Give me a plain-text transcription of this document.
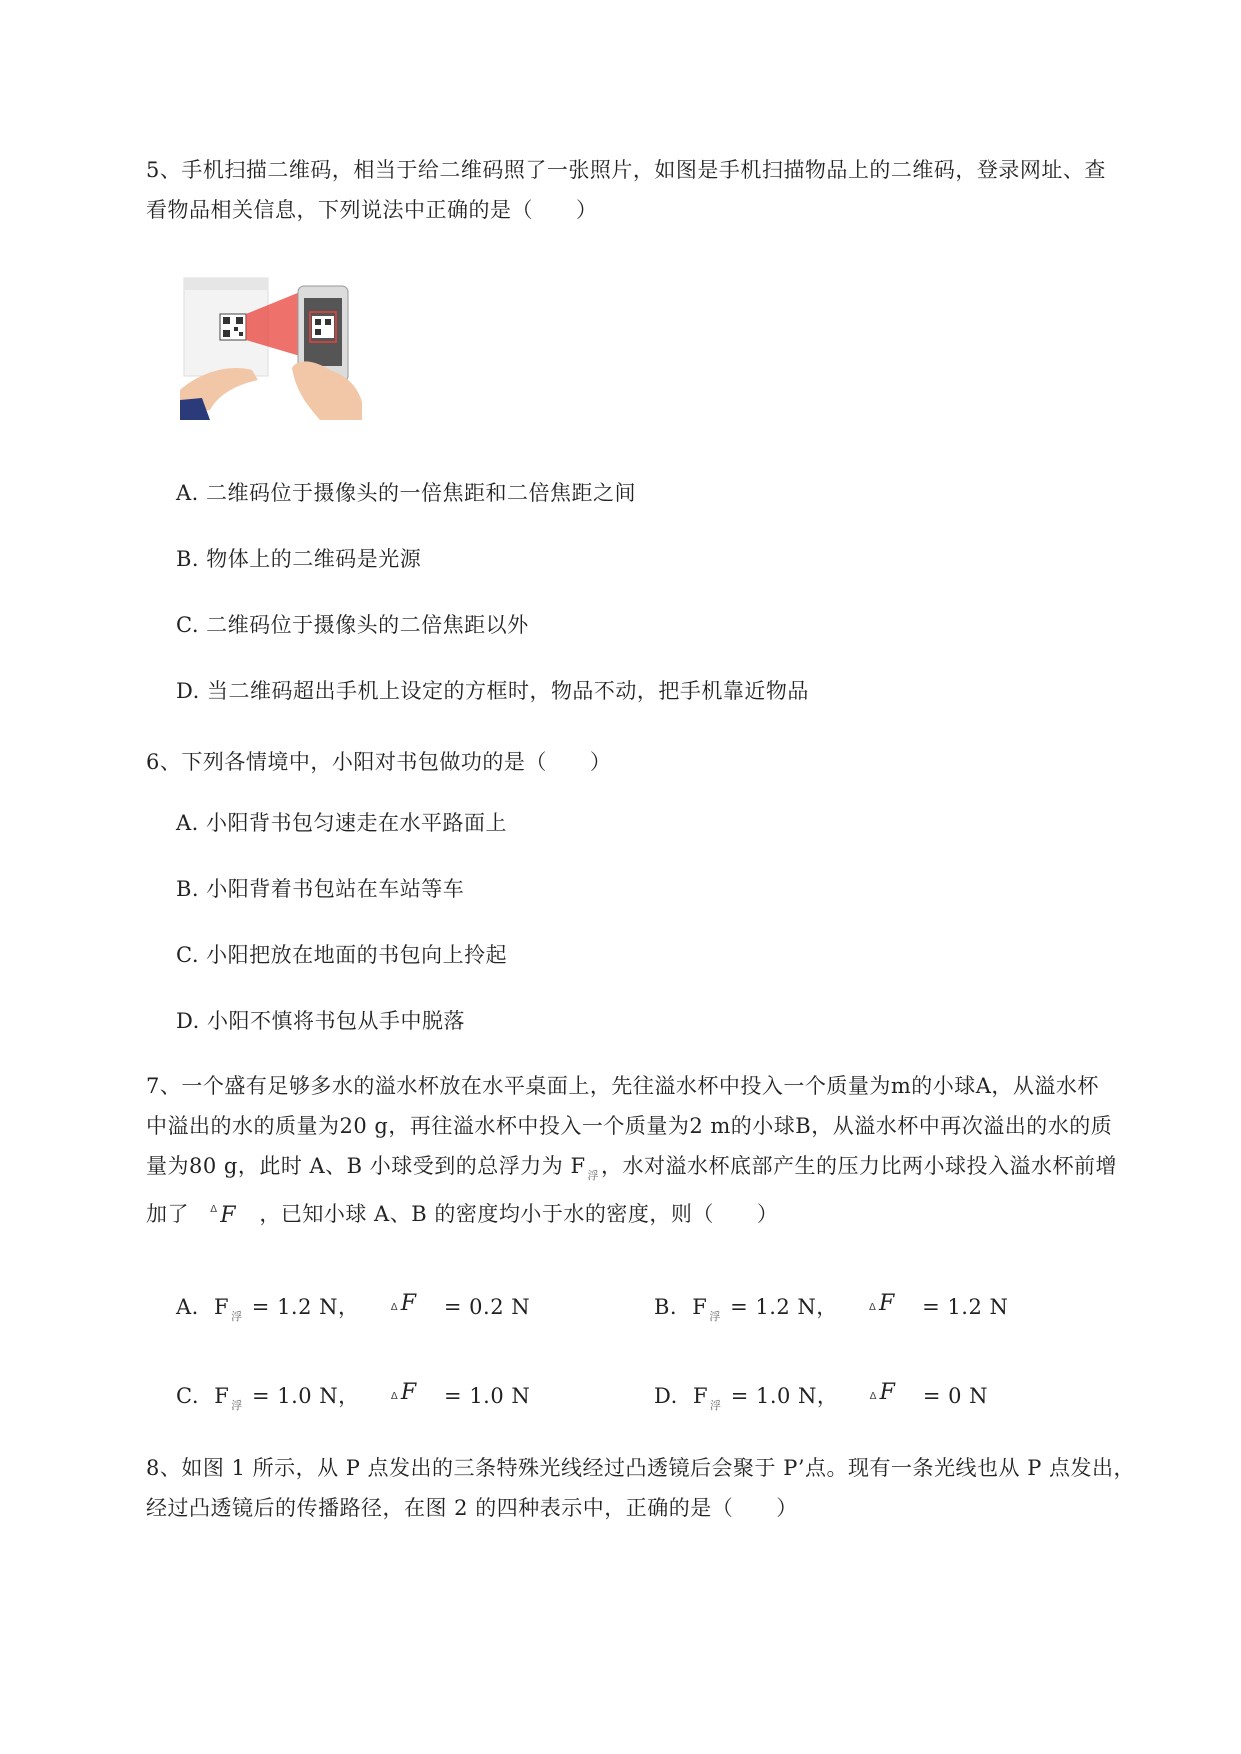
5、手机扫描二维码，相当于给二维码照了一张照片，如图是手机扫描物品上的二维码，登录网址、查
看物品相关信息，下列说法中正确的是（　　）
A. 二维码位于摄像头的一倍焦距和二倍焦距之间
B. 物体上的二维码是光源
C. 二维码位于摄像头的二倍焦距以外
D. 当二维码超出手机上设定的方框时，物品不动，把手机靠近物品
6、下列各情境中，小阳对书包做功的是（　　）
A. 小阳背书包匀速走在水平路面上
B. 小阳背着书包站在车站等车
C. 小阳把放在地面的书包向上拎起
D. 小阳不慎将书包从手中脱落
7、一个盛有足够多水的溢水杯放在水平桌面上，先往溢水杯中投入一个质量为m的小球A，从溢水杯
中溢出的水的质量为20 g，再往溢水杯中投入一个质量为2 m的小球B，从溢水杯中再次溢出的水的质
量为80 g，此时 A、B 小球受到的总浮力为 F $_浮$，水对溢水杯底部产生的压力比两小球投入溢水杯前增
加了 Δ F ，已知小球 A、B 的密度均小于水的密度，则（　　）
A. F $_浮$ = 1.2 N，	Δ F = 0.2 N	B. F $_浮$ = 1.2 N，	Δ F = 1.2 N
C. F $_浮$ = 1.0 N，	Δ F = 1.0 N	D. F $_浮$ = 1.0 N，	Δ F = 0 N
8、如图 1 所示，从 P 点发出的三条特殊光线经过凸透镜后会聚于 P’点。现有一条光线也从 P 点发出，
经过凸透镜后的传播路径，在图 2 的四种表示中，正确的是（　　）
